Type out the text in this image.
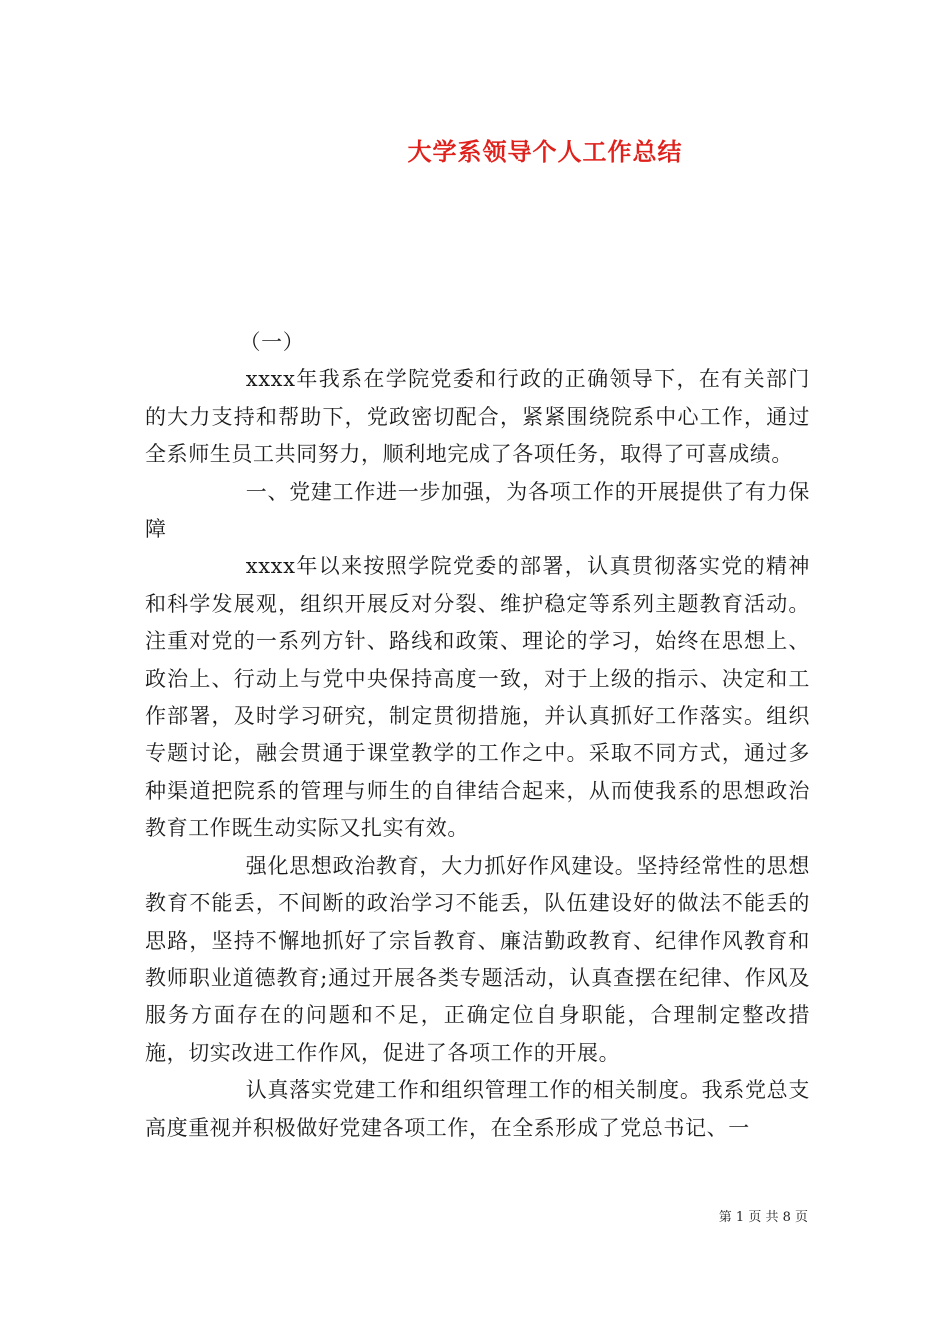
大学系领导个人工作总结

（一）

xxxx年我系在学院党委和行政的正确领导下，在有关部门的大力支持和帮助下，党政密切配合，紧紧围绕院系中心工作，通过全系师生员工共同努力，顺利地完成了各项任务，取得了可喜成绩。

一、党建工作进一步加强，为各项工作的开展提供了有力保障

xxxx年以来按照学院党委的部署，认真贯彻落实党的精神和科学发展观，组织开展反对分裂、维护稳定等系列主题教育活动。注重对党的一系列方针、路线和政策、理论的学习，始终在思想上、政治上、行动上与党中央保持高度一致，对于上级的指示、决定和工作部署，及时学习研究，制定贯彻措施，并认真抓好工作落实。组织专题讨论，融会贯通于课堂教学的工作之中。采取不同方式，通过多种渠道把院系的管理与师生的自律结合起来，从而使我系的思想政治教育工作既生动实际又扎实有效。

强化思想政治教育，大力抓好作风建设。坚持经常性的思想教育不能丢，不间断的政治学习不能丢，队伍建设好的做法不能丢的思路，坚持不懈地抓好了宗旨教育、廉洁勤政教育、纪律作风教育和教师职业道德教育;通过开展各类专题活动，认真查摆在纪律、作风及服务方面存在的问题和不足，正确定位自身职能，合理制定整改措施，切实改进工作作风，促进了各项工作的开展。

认真落实党建工作和组织管理工作的相关制度。我系党总支高度重视并积极做好党建各项工作，在全系形成了党总书记、一

第 1 页 共 8 页
